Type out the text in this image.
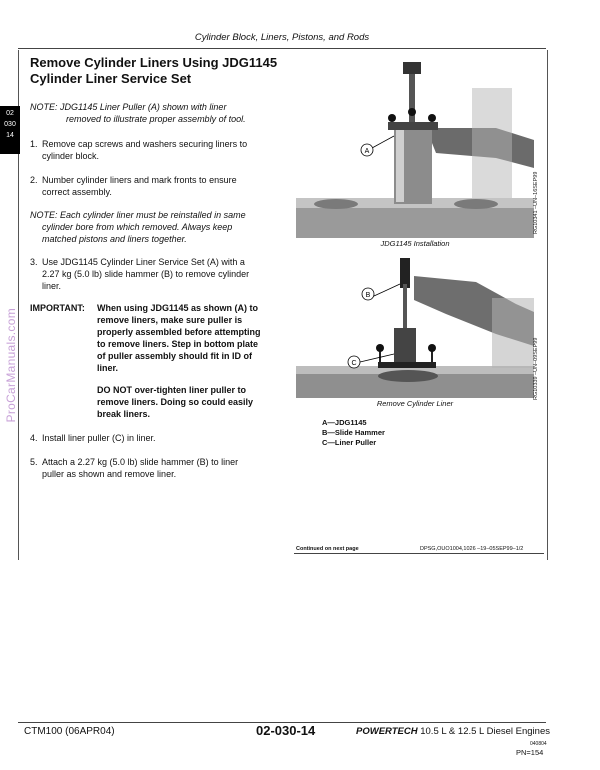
Cylinder Block, Liners, Pistons, and Rods
02
030
14
ProCarManuals.com
Remove Cylinder Liners Using JDG1145
Cylinder Liner Service Set
NOTE: JDG1145 Liner Puller (A) shown with liner
removed to illustrate proper assembly of tool.
1. Remove cap screws and washers securing liners to
cylinder block.
2. Number cylinder liners and mark fronts to ensure
correct assembly.
NOTE: Each cylinder liner must be reinstalled in same
cylinder bore from which removed. Always keep
matched pistons and liners together.
3. Use JDG1145 Cylinder Liner Service Set (A) with a
2.27 kg (5.0 lb) slide hammer (B) to remove cylinder
liner.
IMPORTANT:	When using JDG1145 as shown (A) to
remove liners, make sure puller is
properly assembled before attempting
to remove liners. Step in bottom plate
of puller assembly should fit in ID of
liner.
DO NOT over-tighten liner puller to
remove liners. Doing so could easily
break liners.
4. Install liner puller (C) in liner.
5. Attach a 2.27 kg (5.0 lb) slide hammer (B) to liner
puller as shown and remove liner.
A
RG10341 –UN–16SEP99
JDG1145 Installation
B
C	RG10339 –UN–09SEP99
Remove Cylinder Liner
A—JDG1145
B—Slide Hammer
C—Liner Puller
Continued on next page	DPSG,OUO1004,1026 –19–05SEP99–1/2
CTM100 (06APR04)	02-030-14	POWERTECH 10.5 L & 12.5 L Diesel Engines
040804
PN=154
